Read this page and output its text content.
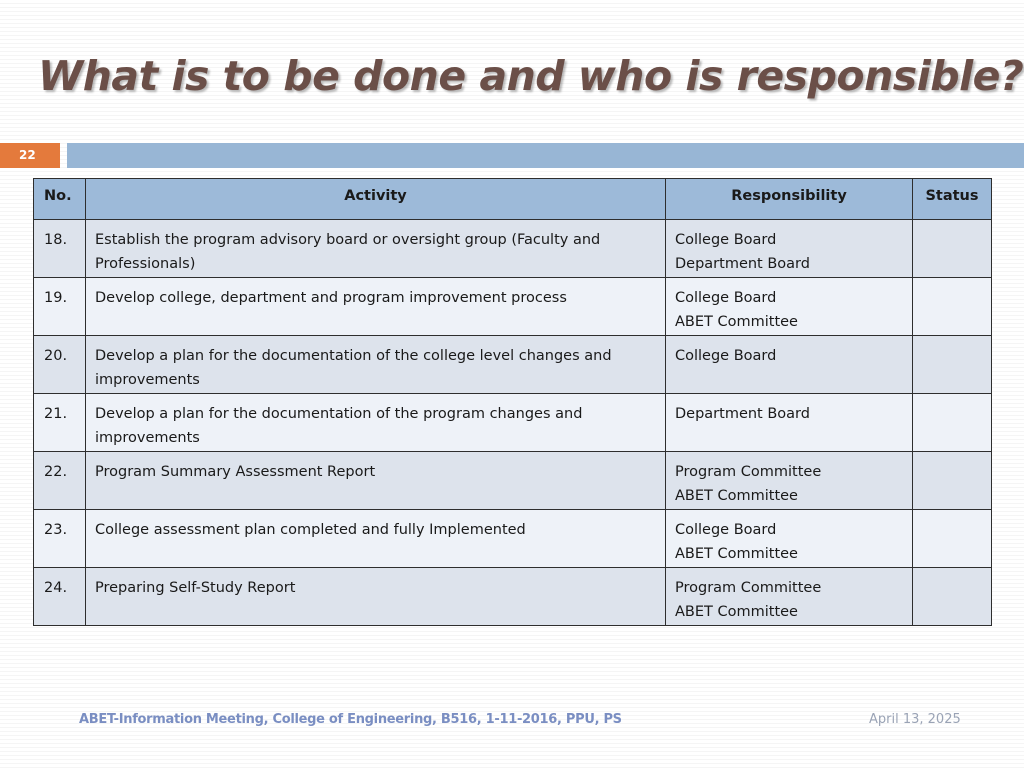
What is to be done and who is responsible?
22
No.	Activity	Responsibility	Status
18.	Establish the program advisory board or oversight group (Faculty and Professionals)	College Board
Department Board	

19.	Develop college, department and program improvement process	College Board
ABET Committee	

20.	Develop a plan for the documentation of the college level changes and improvements	College Board	

21.	Develop a plan for the documentation of the program changes and improvements	Department Board	

22.	Program Summary Assessment Report	Program Committee
ABET Committee	

23.	College assessment plan completed and fully Implemented	College Board
ABET Committee	

24.	Preparing Self-Study Report	Program Committee
ABET Committee	

ABET-Information Meeting, College of Engineering, B516, 1-11-2016, PPU, PS	April 13, 2025
